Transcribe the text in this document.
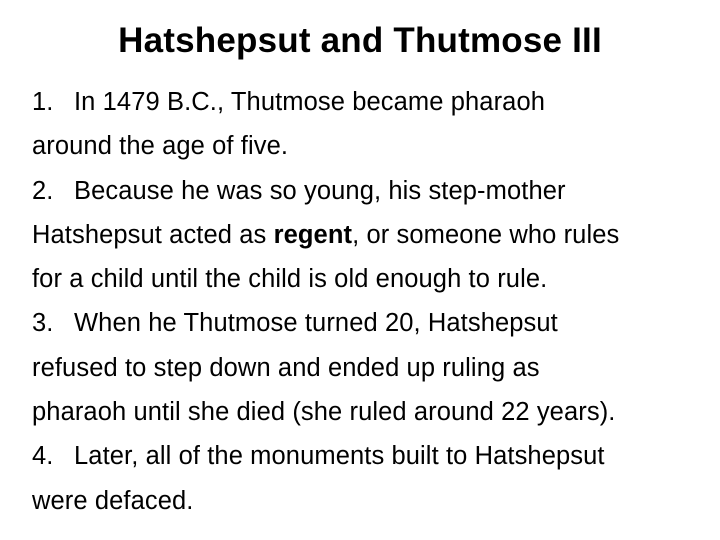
Hatshepsut and Thutmose III
1. In 1479 B.C., Thutmose became pharaoh
around the age of five.
2. Because he was so young, his step-mother
Hatshepsut acted as regent, or someone who rules
for a child until the child is old enough to rule.
3. When he Thutmose turned 20, Hatshepsut
refused to step down and ended up ruling as
pharaoh until she died (she ruled around 22 years).
4. Later, all of the monuments built to Hatshepsut
were defaced.
